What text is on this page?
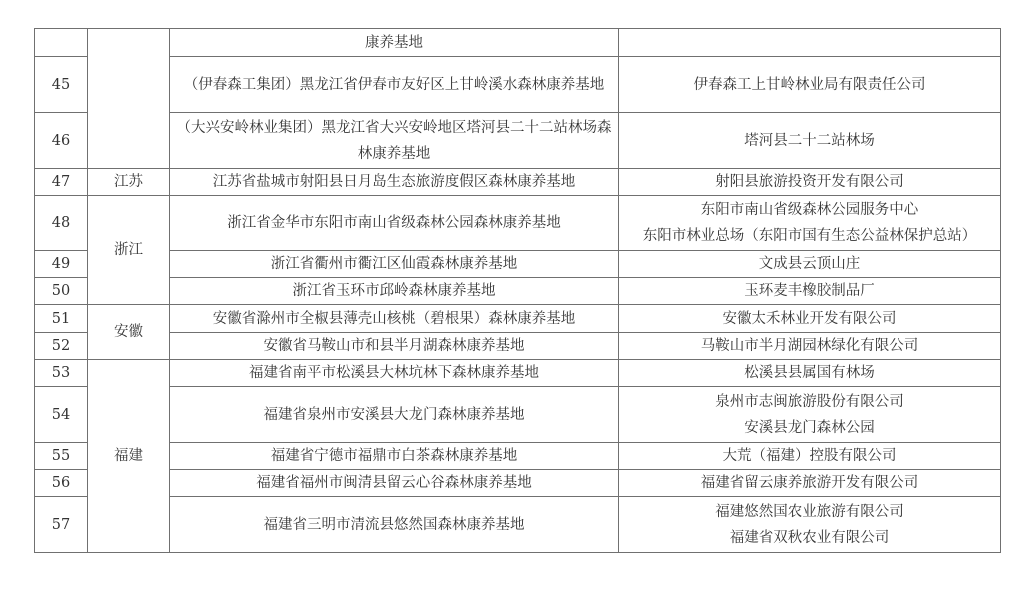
		康养基地	
45		（伊春森工集团）黑龙江省伊春市友好区上甘岭溪水森林康养基地	伊春森工上甘岭林业局有限责任公司

46		（大兴安岭林业集团）黑龙江省大兴安岭地区塔河县二十二站林场森林康养基地	塔河县二十二站林场

47	江苏	江苏省盐城市射阳县日月岛生态旅游度假区森林康养基地	射阳县旅游投资开发有限公司

48	浙江	浙江省金华市东阳市南山省级森林公园森林康养基地	东阳市南山省级森林公园服务中心
东阳市林业总场（东阳市国有生态公益林保护总站）

49		浙江省衢州市衢江区仙霞森林康养基地	文成县云顶山庄

50		浙江省玉环市邱岭森林康养基地	玉环麦丰橡胶制品厂

51	安徽	安徽省滁州市全椒县薄壳山核桃（碧根果）森林康养基地	安徽太禾林业开发有限公司

52		安徽省马鞍山市和县半月湖森林康养基地	马鞍山市半月湖园林绿化有限公司

53	福建	福建省南平市松溪县大林坑林下森林康养基地	松溪县县属国有林场

54		福建省泉州市安溪县大龙门森林康养基地	泉州市志闽旅游股份有限公司
安溪县龙门森林公园

55		福建省宁德市福鼎市白茶森林康养基地	大荒（福建）控股有限公司

56		福建省福州市闽清县留云心谷森林康养基地	福建省留云康养旅游开发有限公司

57		福建省三明市清流县悠然国森林康养基地	福建悠然国农业旅游有限公司
福建省双秋农业有限公司
